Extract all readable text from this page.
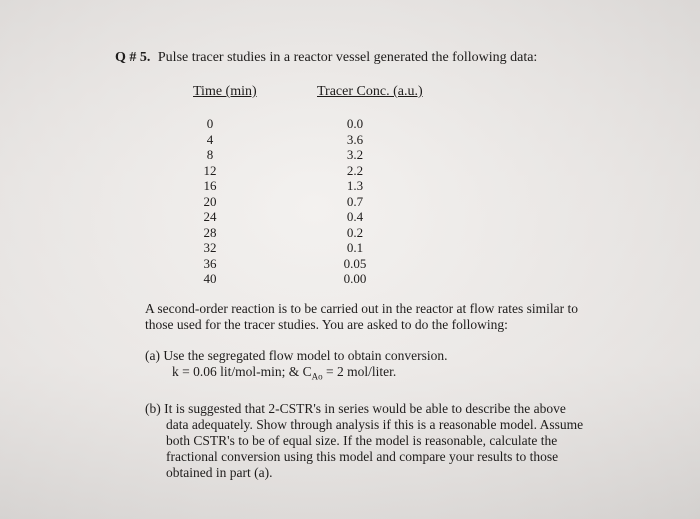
Q # 5. Pulse tracer studies in a reactor vessel generated the following data:
Time (min)	Tracer Conc. (a.u.)
0
4
8
12
16
20
24
28
32
36
40
0.0
3.6
3.2
2.2
1.3
0.7
0.4
0.2
0.1
0.05
0.00
A second-order reaction is to be carried out in the reactor at flow rates similar to
those used for the tracer studies. You are asked to do the following:
(a) Use the segregated flow model to obtain conversion.
k = 0.06 lit/mol-min; & $C_{Ao} = 2$ mol/liter.
(b) It is suggested that 2-CSTR's in series would be able to describe the above
data adequately. Show through analysis if this is a reasonable model. Assume
both CSTR's to be of equal size. If the model is reasonable, calculate the
fractional conversion using this model and compare your results to those
obtained in part (a).
